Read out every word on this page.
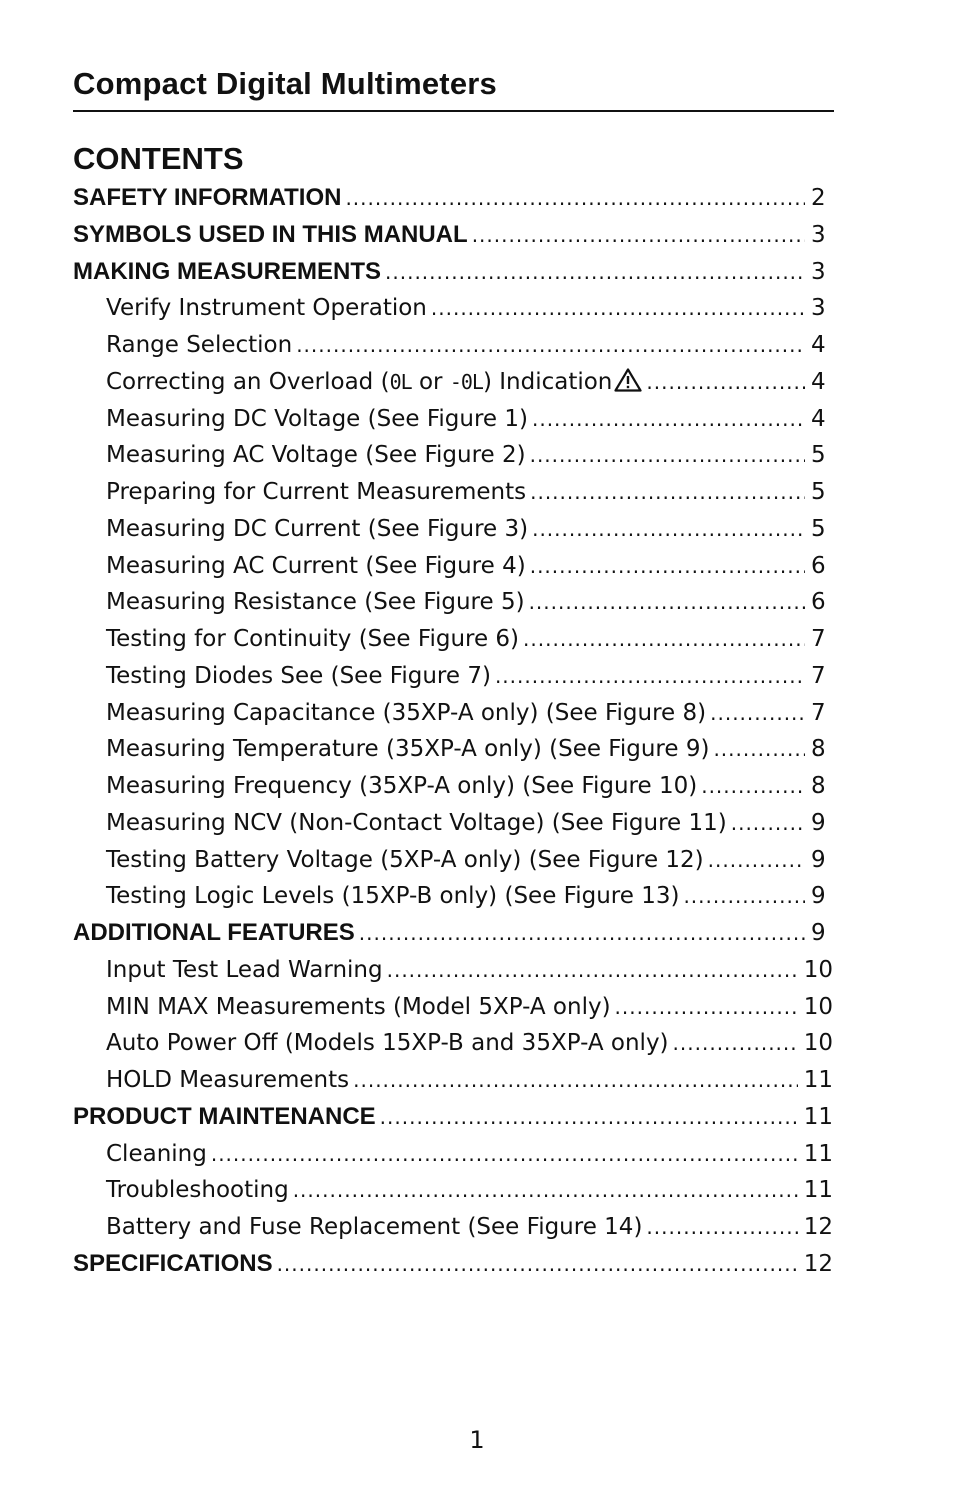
Compact Digital Multimeters
CONTENTS
SAFETY INFORMATION .....	2
SYMBOLS USED IN THIS MANUAL .....	3
MAKING MEASUREMENTS .....	3
Verify Instrument Operation .....	3
Range Selection .....	4
Correcting an Overload (0L or -0L) Indication .....	4
Measuring DC Voltage (See Figure 1) .....	4
Measuring AC Voltage (See Figure 2) .....	5
Preparing for Current Measurements .....	5
Measuring DC Current (See Figure 3) .....	5
Measuring AC Current (See Figure 4) .....	6
Measuring Resistance (See Figure 5) .....	6
Testing for Continuity (See Figure 6) .....	7
Testing Diodes See (See Figure 7) .....	7
Measuring Capacitance (35XP-A only) (See Figure 8) .....	7
Measuring Temperature (35XP-A only) (See Figure 9) .....	8
Measuring Frequency (35XP-A only) (See Figure 10) .....	8
Measuring NCV (Non-Contact Voltage) (See Figure 11) .....	9
Testing Battery Voltage (5XP-A only) (See Figure 12) .....	9
Testing Logic Levels (15XP-B only) (See Figure 13) .....	9
ADDITIONAL FEATURES .....	9
Input Test Lead Warning .....	10
MIN MAX Measurements (Model 5XP-A only) .....	10
Auto Power Off (Models 15XP-B and 35XP-A only) .....	10
HOLD Measurements .....	11
PRODUCT MAINTENANCE .....	11
Cleaning .....	11
Troubleshooting .....	11
Battery and Fuse Replacement (See Figure 14) .....	12
SPECIFICATIONS .....	12
1
